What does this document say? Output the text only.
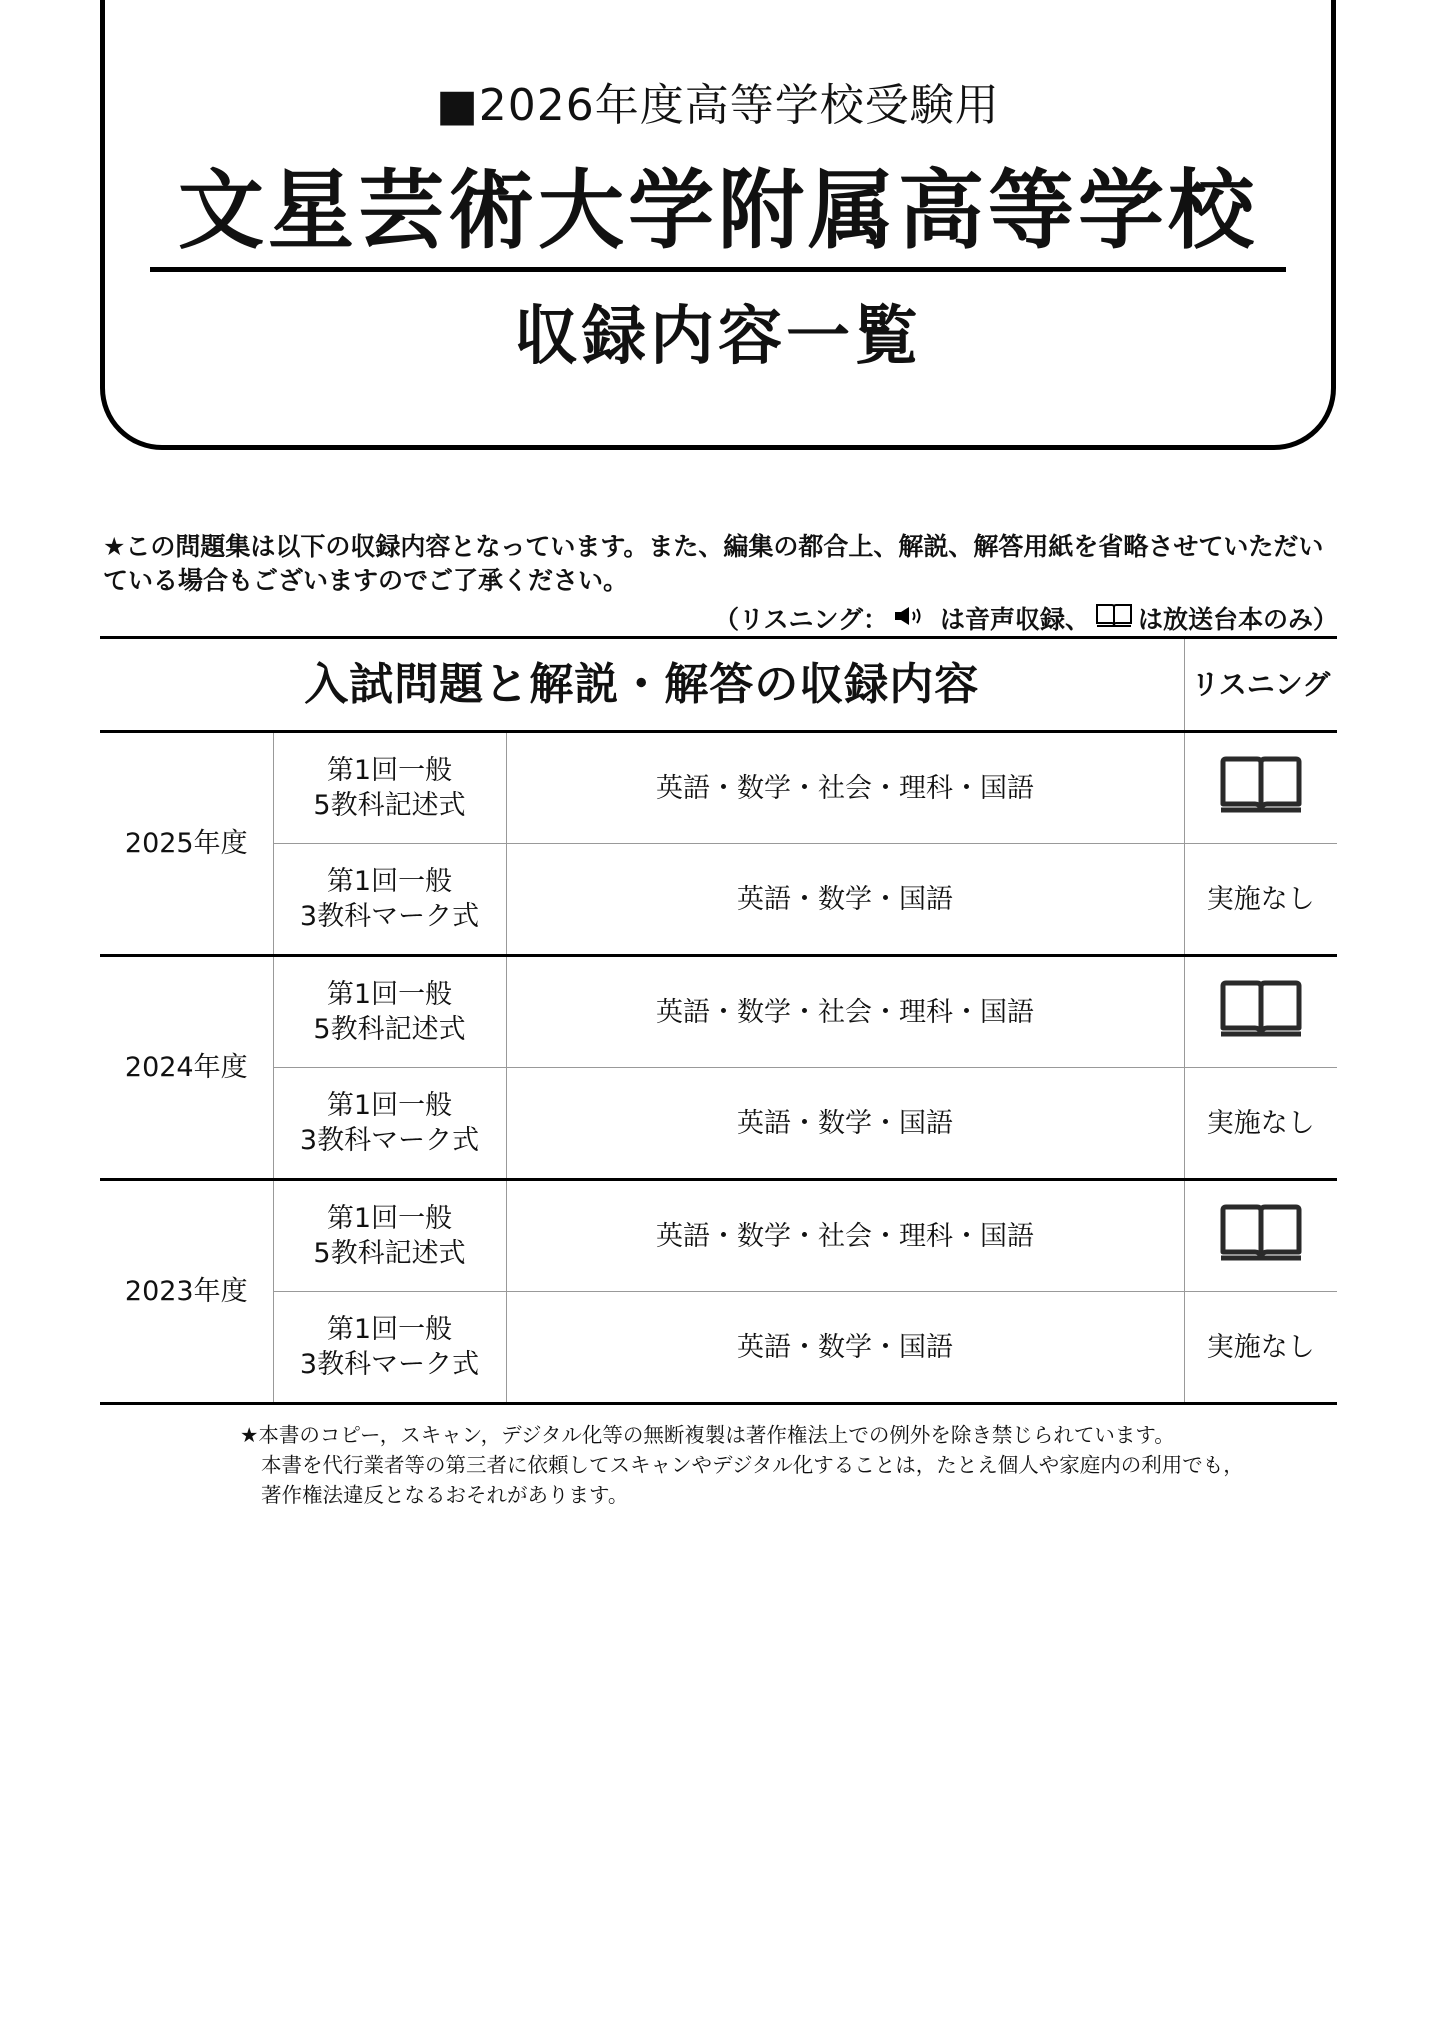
■2026年度高等学校受験用
文星芸術大学附属高等学校
収録内容一覧
★この問題集は以下の収録内容となっています。また、編集の都合上、解説、解答用紙を省略させていただいている場合もございますのでご了承ください。
（リスニング： は音声収録、 は放送台本のみ）
入試問題と解説・解答の収録内容			リスニング
2025年度	第1回一般
5教科記述式	英語・数学・社会・理科・国語	

	第1回一般
3教科マーク式	英語・数学・国語	実施なし
2024年度	第1回一般
5教科記述式	英語・数学・社会・理科・国語	

	第1回一般
3教科マーク式	英語・数学・国語	実施なし
2023年度	第1回一般
5教科記述式	英語・数学・社会・理科・国語	

	第1回一般
3教科マーク式	英語・数学・国語	実施なし
★本書のコピー，スキャン，デジタル化等の無断複製は著作権法上での例外を除き禁じられています。
本書を代行業者等の第三者に依頼してスキャンやデジタル化することは，たとえ個人や家庭内の利用でも，
著作権法違反となるおそれがあります。
